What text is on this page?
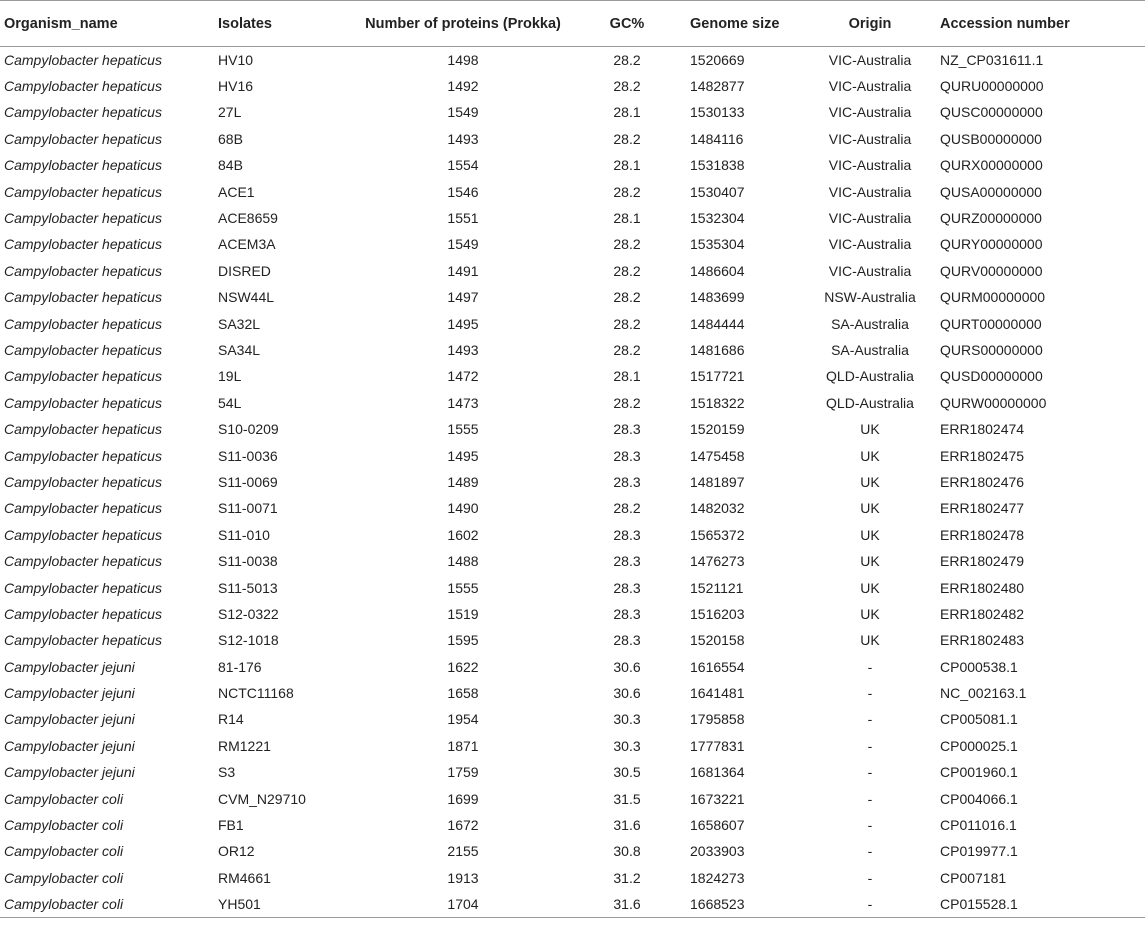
Organism_name	Isolates	Number of proteins (Prokka)	GC%	Genome size	Origin	Accession number
Campylobacter hepaticus	HV10	1498	28.2	1520669	VIC-Australia	NZ_CP031611.1
Campylobacter hepaticus	HV16	1492	28.2	1482877	VIC-Australia	QURU00000000
Campylobacter hepaticus	27L	1549	28.1	1530133	VIC-Australia	QUSC00000000
Campylobacter hepaticus	68B	1493	28.2	1484116	VIC-Australia	QUSB00000000
Campylobacter hepaticus	84B	1554	28.1	1531838	VIC-Australia	QURX00000000
Campylobacter hepaticus	ACE1	1546	28.2	1530407	VIC-Australia	QUSA00000000
Campylobacter hepaticus	ACE8659	1551	28.1	1532304	VIC-Australia	QURZ00000000
Campylobacter hepaticus	ACEM3A	1549	28.2	1535304	VIC-Australia	QURY00000000
Campylobacter hepaticus	DISRED	1491	28.2	1486604	VIC-Australia	QURV00000000
Campylobacter hepaticus	NSW44L	1497	28.2	1483699	NSW-Australia	QURM00000000
Campylobacter hepaticus	SA32L	1495	28.2	1484444	SA-Australia	QURT00000000
Campylobacter hepaticus	SA34L	1493	28.2	1481686	SA-Australia	QURS00000000
Campylobacter hepaticus	19L	1472	28.1	1517721	QLD-Australia	QUSD00000000
Campylobacter hepaticus	54L	1473	28.2	1518322	QLD-Australia	QURW00000000
Campylobacter hepaticus	S10-0209	1555	28.3	1520159	UK	ERR1802474
Campylobacter hepaticus	S11-0036	1495	28.3	1475458	UK	ERR1802475
Campylobacter hepaticus	S11-0069	1489	28.3	1481897	UK	ERR1802476
Campylobacter hepaticus	S11-0071	1490	28.2	1482032	UK	ERR1802477
Campylobacter hepaticus	S11-010	1602	28.3	1565372	UK	ERR1802478
Campylobacter hepaticus	S11-0038	1488	28.3	1476273	UK	ERR1802479
Campylobacter hepaticus	S11-5013	1555	28.3	1521121	UK	ERR1802480
Campylobacter hepaticus	S12-0322	1519	28.3	1516203	UK	ERR1802482
Campylobacter hepaticus	S12-1018	1595	28.3	1520158	UK	ERR1802483
Campylobacter jejuni	81-176	1622	30.6	1616554	-	CP000538.1
Campylobacter jejuni	NCTC11168	1658	30.6	1641481	-	NC_002163.1
Campylobacter jejuni	R14	1954	30.3	1795858	-	CP005081.1
Campylobacter jejuni	RM1221	1871	30.3	1777831	-	CP000025.1
Campylobacter jejuni	S3	1759	30.5	1681364	-	CP001960.1
Campylobacter coli	CVM_N29710	1699	31.5	1673221	-	CP004066.1
Campylobacter coli	FB1	1672	31.6	1658607	-	CP011016.1
Campylobacter coli	OR12	2155	30.8	2033903	-	CP019977.1
Campylobacter coli	RM4661	1913	31.2	1824273	-	CP007181
Campylobacter coli	YH501	1704	31.6	1668523	-	CP015528.1
